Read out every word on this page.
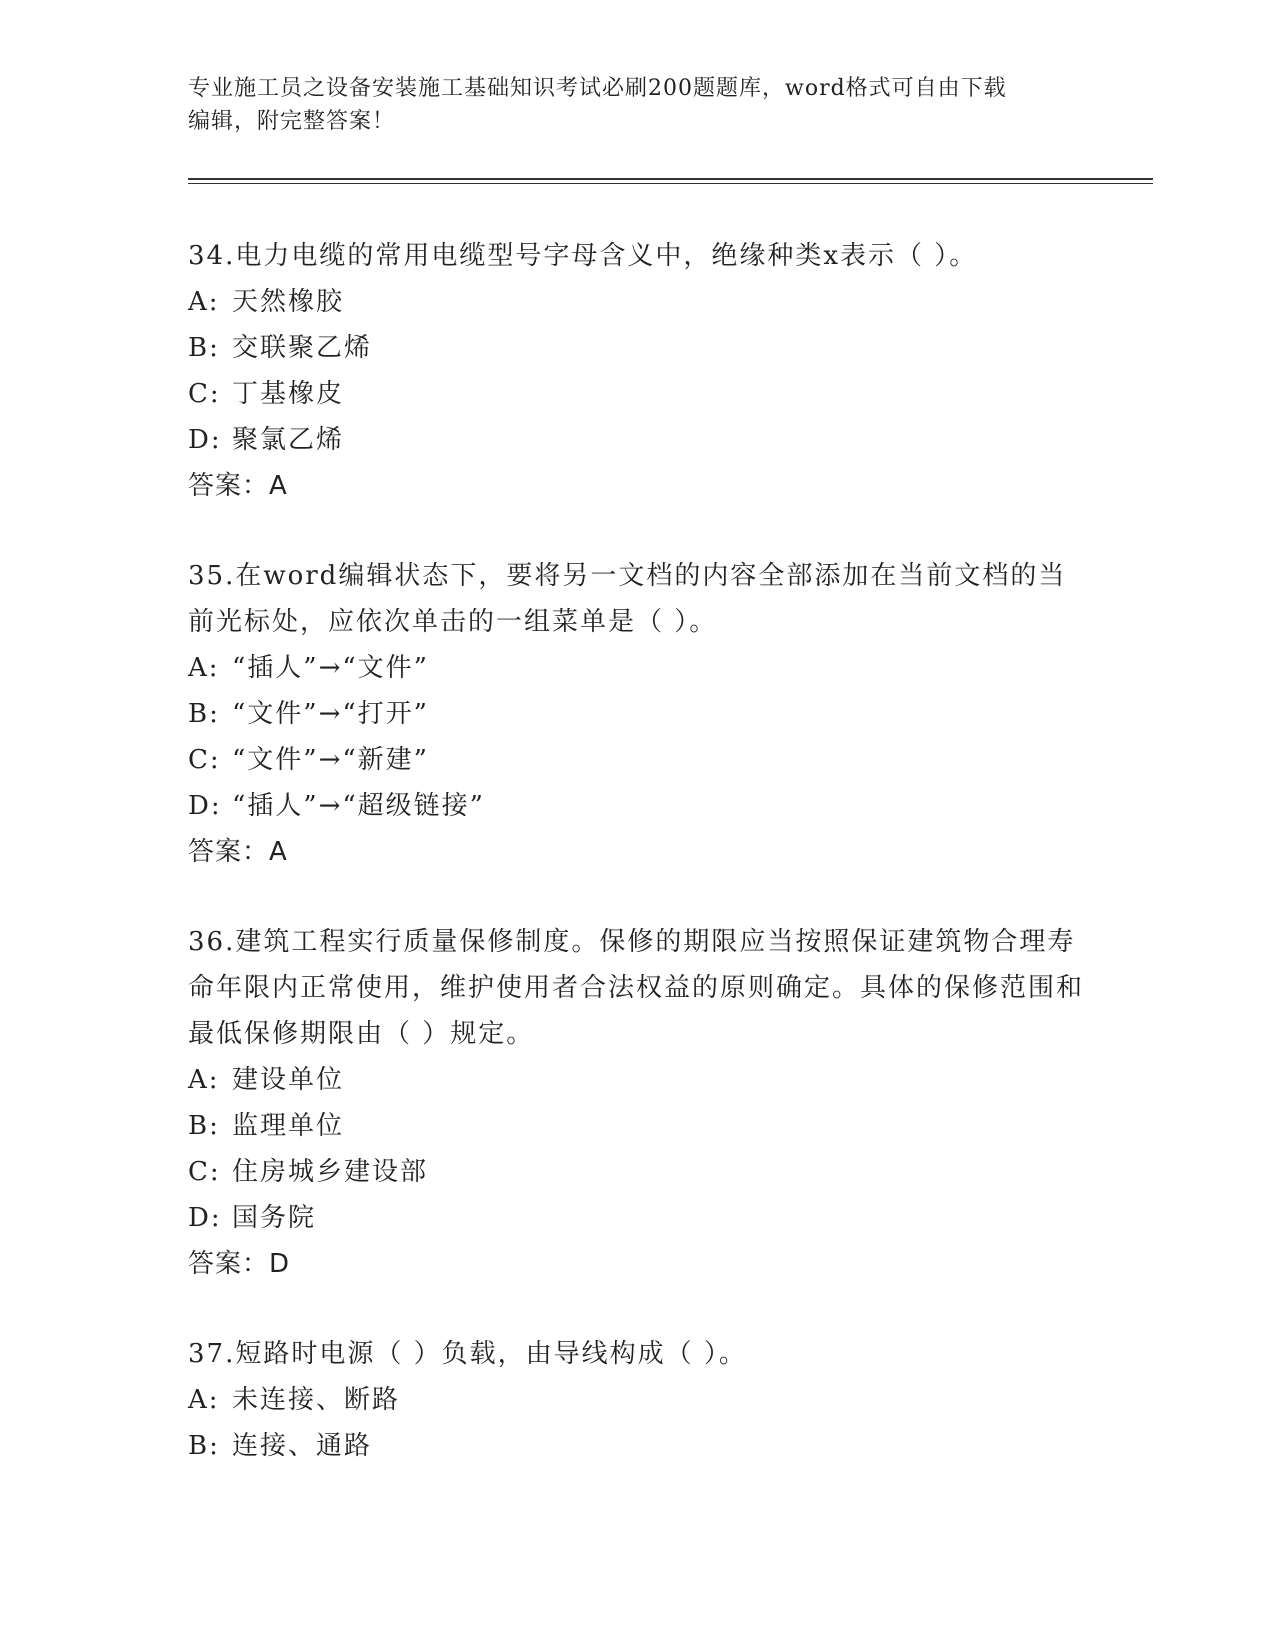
专业施工员之设备安装施工基础知识考试必刷200题题库，word格式可自由下载
编辑，附完整答案！
34.电力电缆的常用电缆型号字母含义中，绝缘种类x表示（ ）。
A: 天然橡胶
B: 交联聚乙烯
C: 丁基橡皮
D: 聚氯乙烯
答案：A
35.在word编辑状态下，要将另一文档的内容全部添加在当前文档的当前光标处，应依次单击的一组菜单是（ ）。
A: “插人”→“文件”
B: “文件”→“打开”
C: “文件”→“新建”
D: “插人”→“超级链接”
答案：A
36.建筑工程实行质量保修制度。保修的期限应当按照保证建筑物合理寿命年限内正常使用，维护使用者合法权益的原则确定。具体的保修范围和最低保修期限由（ ）规定。
A: 建设单位
B: 监理单位
C: 住房城乡建设部
D: 国务院
答案：D
37.短路时电源（ ）负载，由导线构成（ ）。
A: 未连接、断路
B: 连接、通路
